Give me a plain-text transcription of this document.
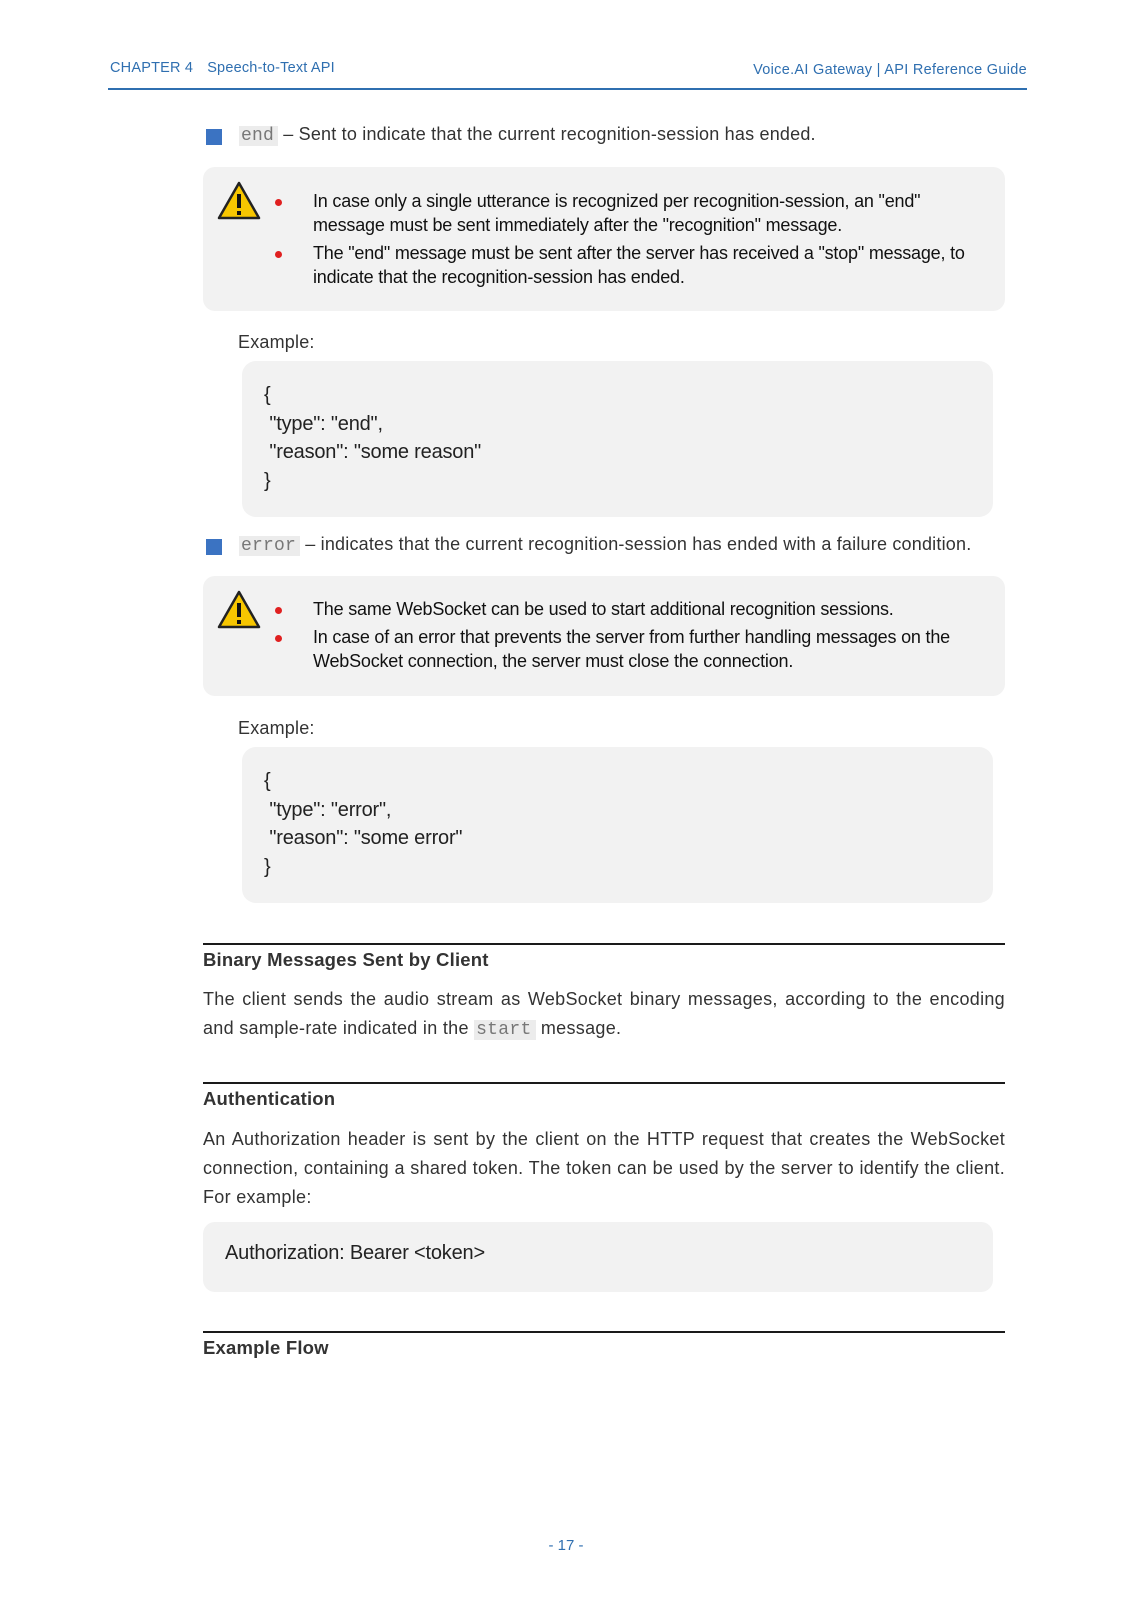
CHAPTER 4 Speech-to-Text API	Voice.AI Gateway | API Reference Guide
end – Sent to indicate that the current recognition-session has ended.
In case only a single utterance is recognized per recognition-session, an "end" message must be sent immediately after the "recognition" message.
The "end" message must be sent after the server has received a "stop" message, to indicate that the recognition-session has ended.
Example:
{
"type": "end",
"reason": "some reason"
}
error – indicates that the current recognition-session has ended with a failure condition.
The same WebSocket can be used to start additional recognition sessions.
In case of an error that prevents the server from further handling messages on the WebSocket connection, the server must close the connection.
Example:
{
"type": "error",
"reason": "some error"
}
Binary Messages Sent by Client
The client sends the audio stream as WebSocket binary messages, according to the encoding and sample-rate indicated in the start message.
Authentication
An Authorization header is sent by the client on the HTTP request that creates the WebSocket connection, containing a shared token. The token can be used by the server to identify the client. For example:
Authorization: Bearer <token>
Example Flow
- 17 -
